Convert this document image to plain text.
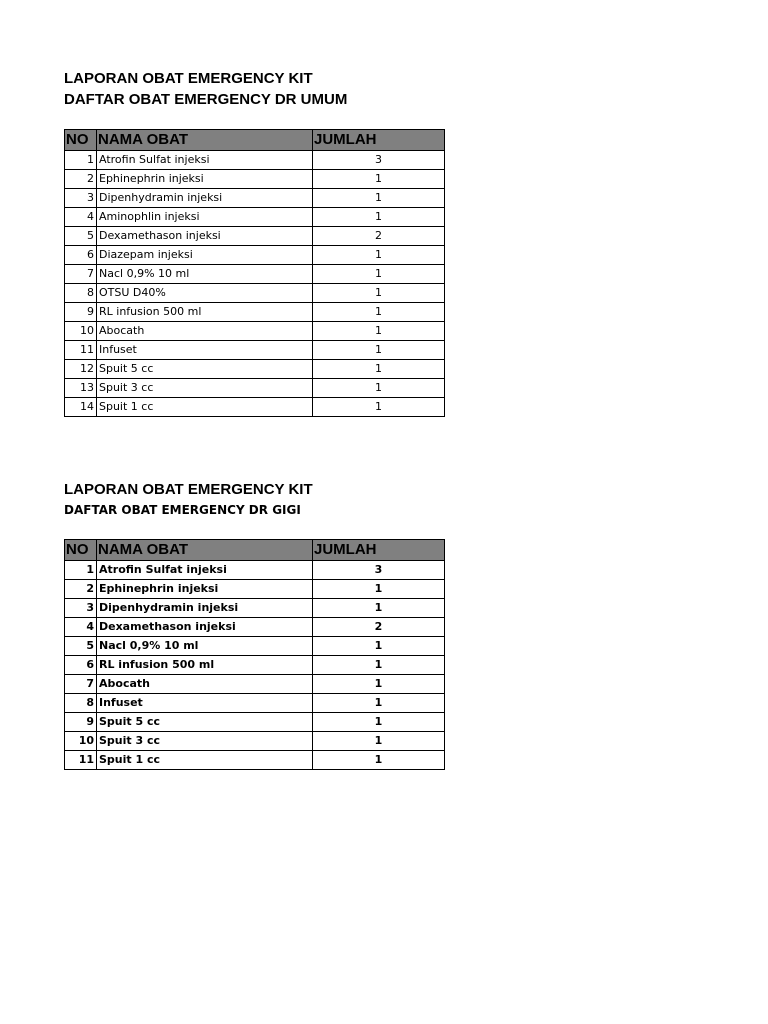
LAPORAN OBAT EMERGENCY KIT
DAFTAR OBAT EMERGENCY DR UMUM
NO	NAMA OBAT	JUMLAH
1	Atrofin Sulfat injeksi	3
2	Ephinephrin injeksi	1
3	Dipenhydramin injeksi	1
4	Aminophlin injeksi	1
5	Dexamethason injeksi	2
6	Diazepam injeksi	1
7	Nacl 0,9% 10 ml	1
8	OTSU D40%	1
9	RL infusion 500 ml	1
10	Abocath	1
11	Infuset	1
12	Spuit 5 cc	1
13	Spuit 3 cc	1
14	Spuit 1 cc	1
LAPORAN OBAT EMERGENCY KIT
DAFTAR OBAT EMERGENCY DR GIGI
NO	NAMA OBAT	JUMLAH
1	Atrofin Sulfat injeksi	3
2	Ephinephrin injeksi	1
3	Dipenhydramin injeksi	1
4	Dexamethason injeksi	2
5	Nacl 0,9% 10 ml	1
6	RL infusion 500 ml	1
7	Abocath	1
8	Infuset	1
9	Spuit 5 cc	1
10	Spuit 3 cc	1
11	Spuit 1 cc	1
